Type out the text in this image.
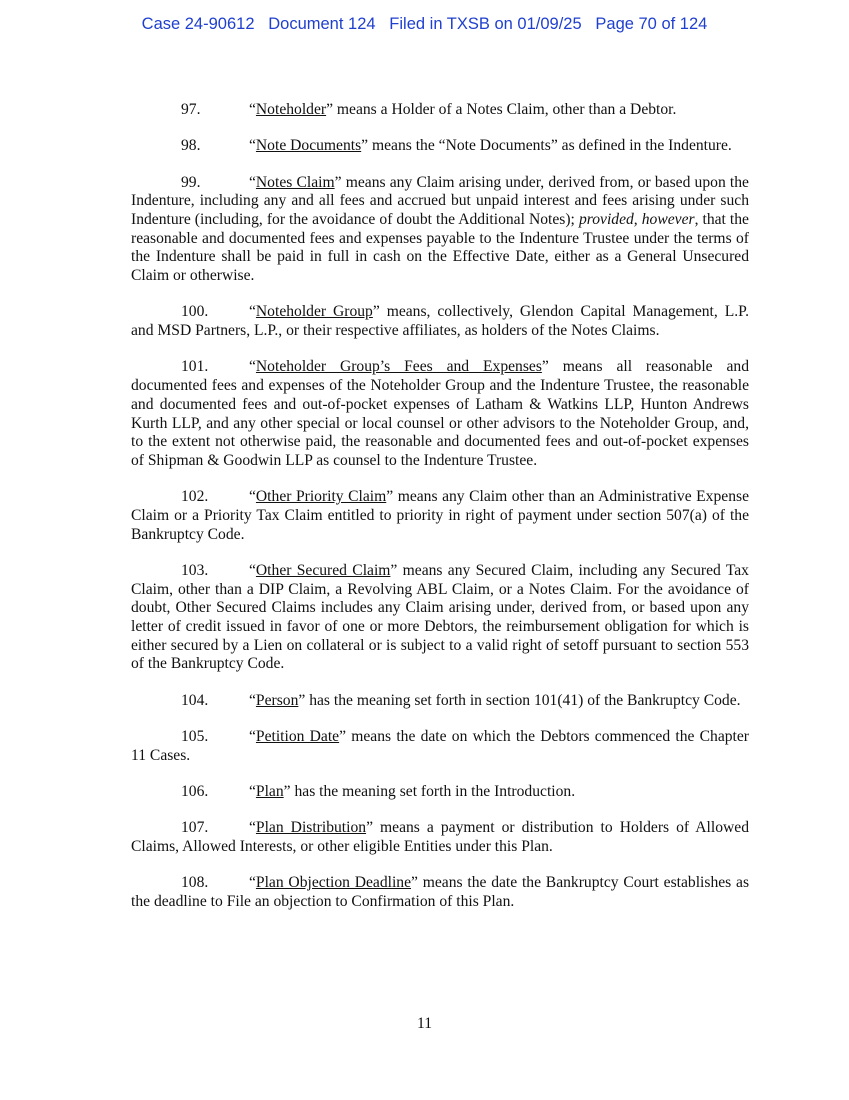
Case 24-90612   Document 124   Filed in TXSB on 01/09/25   Page 70 of 124

97.	“Noteholder” means a Holder of a Notes Claim, other than a Debtor.

98.	“Note Documents” means the “Note Documents” as defined in the Indenture.

99.	“Notes Claim” means any Claim arising under, derived from, or based upon the Indenture, including any and all fees and accrued but unpaid interest and fees arising under such Indenture (including, for the avoidance of doubt the Additional Notes); provided, however, that the reasonable and documented fees and expenses payable to the Indenture Trustee under the terms of the Indenture shall be paid in full in cash on the Effective Date, either as a General Unsecured Claim or otherwise.

100.	“Noteholder Group” means, collectively, Glendon Capital Management, L.P. and MSD Partners, L.P., or their respective affiliates, as holders of the Notes Claims.

101.	“Noteholder Group’s Fees and Expenses” means all reasonable and documented fees and expenses of the Noteholder Group and the Indenture Trustee, the reasonable and documented fees and out-of-pocket expenses of Latham & Watkins LLP, Hunton Andrews Kurth LLP, and any other special or local counsel or other advisors to the Noteholder Group, and, to the extent not otherwise paid, the reasonable and documented fees and out-of-pocket expenses of Shipman & Goodwin LLP as counsel to the Indenture Trustee.

102.	“Other Priority Claim” means any Claim other than an Administrative Expense Claim or a Priority Tax Claim entitled to priority in right of payment under section 507(a) of the Bankruptcy Code.

103.	“Other Secured Claim” means any Secured Claim, including any Secured Tax Claim, other than a DIP Claim, a Revolving ABL Claim, or a Notes Claim. For the avoidance of doubt, Other Secured Claims includes any Claim arising under, derived from, or based upon any letter of credit issued in favor of one or more Debtors, the reimbursement obligation for which is either secured by a Lien on collateral or is subject to a valid right of setoff pursuant to section 553 of the Bankruptcy Code.

104.	“Person” has the meaning set forth in section 101(41) of the Bankruptcy Code.

105.	“Petition Date” means the date on which the Debtors commenced the Chapter 11 Cases.

106.	“Plan” has the meaning set forth in the Introduction.

107.	“Plan Distribution” means a payment or distribution to Holders of Allowed Claims, Allowed Interests, or other eligible Entities under this Plan.

108.	“Plan Objection Deadline” means the date the Bankruptcy Court establishes as the deadline to File an objection to Confirmation of this Plan.

11
